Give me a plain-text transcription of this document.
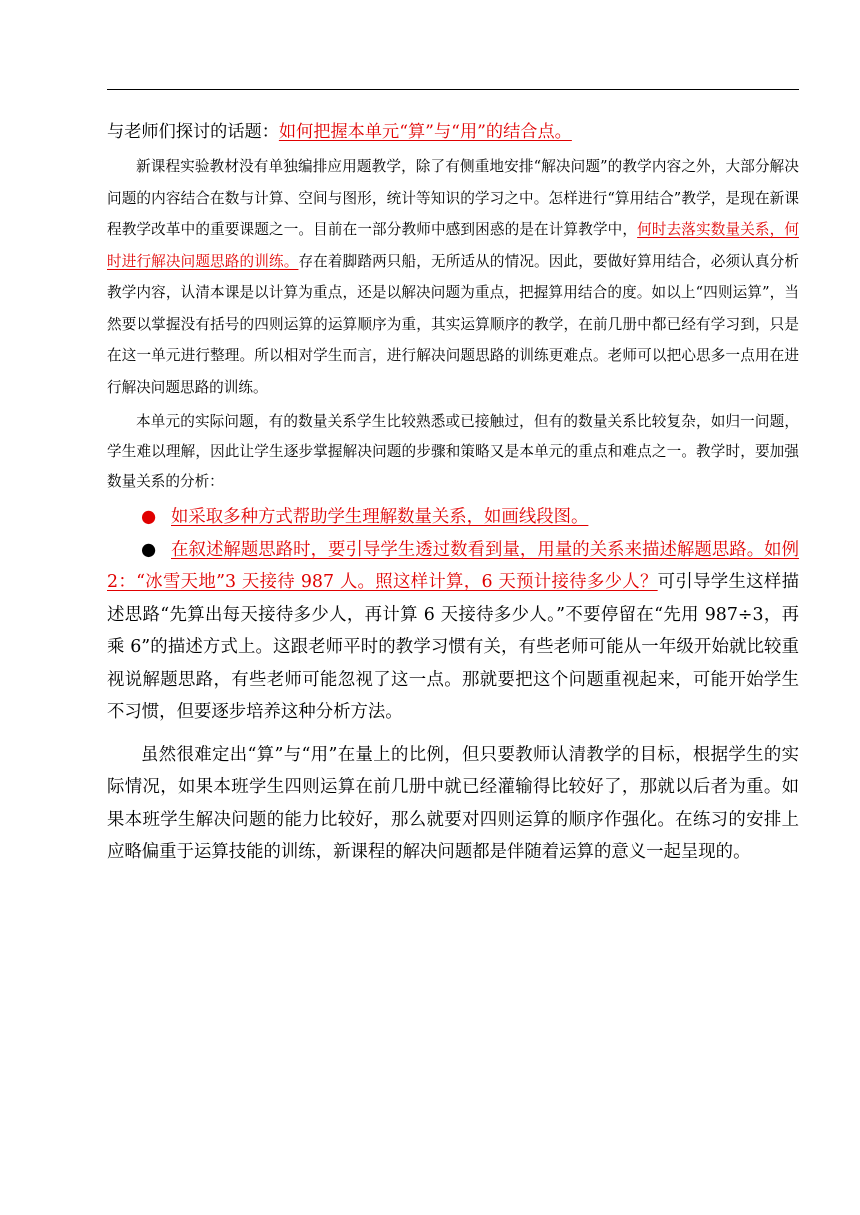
与老师们探讨的话题：如何把握本单元“算”与“用”的结合点。

新课程实验教材没有单独编排应用题教学，除了有侧重地安排“解决问题”的教学内容之外，大部分解决问题的内容结合在数与计算、空间与图形，统计等知识的学习之中。怎样进行“算用结合”教学，是现在新课程教学改革中的重要课题之一。目前在一部分教师中感到困惑的是在计算教学中，何时去落实数量关系，何时进行解决问题思路的训练。存在着脚踏两只船，无所适从的情况。因此，要做好算用结合，必须认真分析教学内容，认清本课是以计算为重点，还是以解决问题为重点，把握算用结合的度。如以上“四则运算”，当然要以掌握没有括号的四则运算的运算顺序为重，其实运算顺序的教学，在前几册中都已经有学习到，只是在这一单元进行整理。所以相对学生而言，进行解决问题思路的训练更难点。老师可以把心思多一点用在进行解决问题思路的训练。

本单元的实际问题，有的数量关系学生比较熟悉或已接触过，但有的数量关系比较复杂，如归一问题，学生难以理解，因此让学生逐步掌握解决问题的步骤和策略又是本单元的重点和难点之一。教学时，要加强数量关系的分析：

● 如采取多种方式帮助学生理解数量关系，如画线段图。

● 在叙述解题思路时，要引导学生透过数看到量，用量的关系来描述解题思路。如例 2：“冰雪天地”3 天接待 987 人。照这样计算，6 天预计接待多少人？可引导学生这样描述思路“先算出每天接待多少人，再计算 6 天接待多少人。”不要停留在“先用 987÷3，再乘 6”的描述方式上。这跟老师平时的教学习惯有关，有些老师可能从一年级开始就比较重视说解题思路，有些老师可能忽视了这一点。那就要把这个问题重视起来，可能开始学生不习惯，但要逐步培养这种分析方法。

虽然很难定出“算”与“用”在量上的比例，但只要教师认清教学的目标，根据学生的实际情况，如果本班学生四则运算在前几册中就已经灌输得比较好了，那就以后者为重。如果本班学生解决问题的能力比较好，那么就要对四则运算的顺序作强化。在练习的安排上应略偏重于运算技能的训练，新课程的解决问题都是伴随着运算的意义一起呈现的。
